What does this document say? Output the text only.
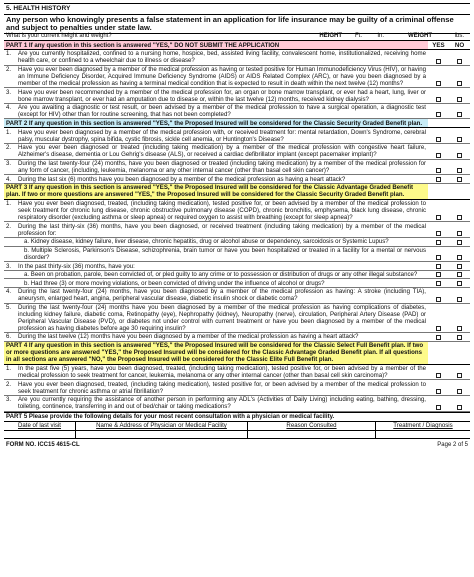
5. HEALTH HISTORY
Any person who knowingly presents a false statement in an application for life insurance may be guilty of a criminal offense and subject to penalties under state law.
What is your current height and weight?	HEIGHT	Ft.	In.	WEIGHT	lbs.
PART 1 If any question in this section is answered "YES," DO NOT SUBMIT THE APPLICATION	YES	NO
1.	Are you currently hospitalized, confined to a nursing home, hospice, bed, assisted living facility, convalescent home, institutionalized, receiving home health care, or confined to a wheelchair due to illness or disease?
2.	Have you ever been diagnosed by a member of the medical profession as having or tested positive for Human Immunodeficiency Virus (HIV), or having an Immune Deficiency Disorder, Acquired Immune Deficiency Syndrome (AIDS) or AIDS Related Complex (ARC), or have you been diagnosed by a member of the medical profession as having a terminal medical condition that is expected to result in death within the next twelve (12) months?
3.	Have you ever been recommended by a member of the medical profession for, an organ or bone marrow transplant, or ever had a heart, lung, liver or bone marrow transplant, or ever had an amputation due to disease or, within the last twelve (12) months, received kidney dialysis?
4.	Are you awaiting a diagnostic or test result, or been advised by a member of the medical profession to have a surgical operation, a diagnostic test (except for HIV) other than for routine screening, that has not been completed?
PART 2 If any question in this section is answered "YES," the Proposed Insured will be considered for the Classic Security Graded Benefit plan.
1.	Have you ever been diagnosed by a member of the medical profession with, or received treatment for: mental retardation, Down's Syndrome, cerebral palsy, muscular dystrophy, spina bifida, cystic fibrosis, sickle cell anemia, or Huntington's Disease?
2.	Have you ever been diagnosed or treated (including taking medication) by a member of the medical profession with congestive heart failure, Alzheimer's disease, dementia or Lou Gehrig's disease (ALS), or received a cardiac defibrillator implant (except pacemaker implant)?
3.	During the last twenty-four (24) months, have you been diagnosed or treated (including taking medication) by a member of the medical profession for any form of cancer, (including, leukemia, melanoma or any other internal cancer (other than basal cell skin cancer)?
4.	During the last six (6) months have you been diagnosed by a member of the medical profession as having a heart attack?
PART 3 If any question in this section is answered "YES," the Proposed Insured will be considered for the Classic Advantage Graded Benefit plan. If two or more questions are answered "YES," the Proposed Insured will be considered for the Classic Security Graded Benefit plan.
1.	Have you ever been diagnosed, treated, (including taking medication), tested positive for, or been advised by a member of the medical profession to seek treatment for chronic lung disease, chronic obstructive pulmonary disease (COPD), chronic bronchitis, emphysema, black lung disease, chronic respiratory disorder (excluding asthma or sleep apnea) or required oxygen to assist with breathing (except for sleep apnea)?
2.	During the last thirty-six (36) months, have you been diagnosed, or received treatment (including taking medication) by a member of the medical profession for:
a. Kidney disease, kidney failure, liver disease, chronic hepatitis, drug or alcohol abuse or dependency, sarcoidosis or Systemic Lupus?
b. Multiple Sclerosis, Parkinson's Disease, schizophrenia, brain tumor or have you been hospitalized or treated in a facility for a mental or nervous disorder?
3.	In the past thirty-six (36) months, have you:
a. Been on probation, parole, been convicted of, or pled guilty to any crime or to possession or distribution of drugs or any other illegal substance?
b. Had three (3) or more moving violations, or been convicted of driving under the influence of alcohol or drugs?
4.	During the last twenty-four (24) months, have you been diagnosed by a member of the medical profession as having: A stroke (including TIA), aneurysm, enlarged heart, angina, peripheral vascular disease, diabetic insulin shock or diabetic coma?
5.	During the last twenty-four (24) months have you been diagnosed by a member of the medical profession as having complications of diabetes, including kidney failure, diabetic coma, Retinopathy (eye), Nephropathy (kidney), Neuropathy (nerve), circulation, Peripheral Artery Disease (PAD) or Peripheral Vascular Disease (PVD), or diabetes not under control with current treatment or have you been diagnosed by a member of the medical profession as having diabetes before age 30 requiring insulin?
6.	During the last twelve (12) months have you been diagnosed by a member of the medical profession as having a heart attack?
PART 4 If any question in this section is answered "YES," the Proposed Insured will be considered for the Classic Select Full Benefit plan. If two or more questions are answered "YES," the Proposed Insured will be considered for the Classic Advantage Graded Benefit plan. If all questions in all sections are answered "NO," the Proposed Insured will be considered for the Classic Elite Full Benefit plan.
1.	In the past five (5) years, have you been diagnosed, treated, (including taking medication), tested positive for, or been advised by a member of the medical profession to seek treatment for cancer, leukemia, melanoma or any other internal cancer (other than basal cell skin carcinoma)?
2.	Have you ever been diagnosed, treated, (including taking medication), tested positive for, or been advised by a member of the medical profession to seek treatment for chronic asthma or atrial fibrillation?
3.	Are you currently requiring the assistance of another person in performing any ADL's (Activities of Daily Living) including eating, bathing, dressing, toileting, continence, transferring in and out of bed/chair or taking medications?
PART 5 Please provide the following details for your most recent consultation with a physician or medical facility.
Date of last visit	Name & Address of Physician or Medical Facility	Reason Consulted	Treatment / Diagnosis
FORM NO. ICC15 4615-CL	Page 2 of 5
